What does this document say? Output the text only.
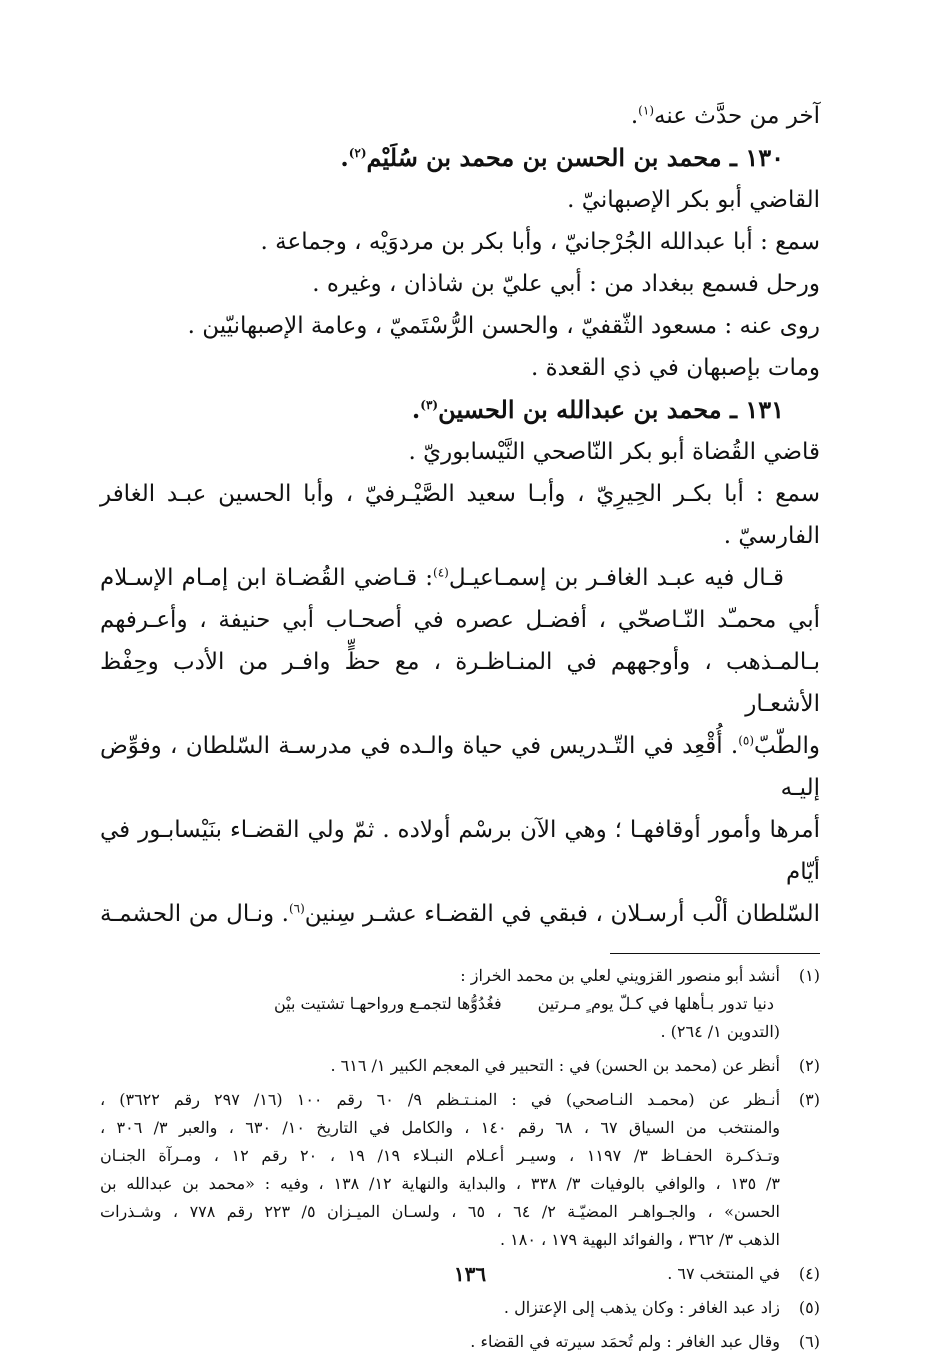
آخر من حدَّث عنه$^{(١)}$.
١٣٠ ـ محمد بن الحسن بن محمد بن سُلَيْم$^{(٢)}$.
القاضي أبو بكر الإصبهانيّ .
سمع : أبا عبدالله الجُرْجانيّ ، وأبا بكر بن مردوَيْه ، وجماعة .
ورحل فسمع ببغداد من : أبي عليّ بن شاذان ، وغيره .
روى عنه : مسعود الثّقفيّ ، والحسن الرُّسْتَميّ ، وعامة الإصبهانيّين .
ومات بإصبهان في ذي القعدة .
١٣١ ـ محمد بن عبدالله بن الحسين$^{(٣)}$.
قاضي القُضاة أبو بكر النّاصحي النَّيْسابوريّ .
سمع : أبا بكـر الحِيرِيّ ، وأبـا سعيد الصَّيْـرفيّ ، وأبا الحسين عبـد الغافر
الفارسيّ .
قـال فيه عبـد الغافـر بن إسمـاعيـل$^{(٤)}$: قـاضي القُضـاة ابن إمـام الإسـلام
أبي محمـّد النّـاصحّي ، أفضـل عصره في أصحـاب أبي حنيفة ، وأعـرفهم
بـالمـذهب ، وأوجههم في المنـاظـرة ، مع حظٍّ وافـر من الأدب وحِفْظ الأشعـار
والطّبّ$^{(٥)}$. أُقْعِد في التّـدريس في حياة والـده في مدرسـة السّلطان ، وفوِّض إليـه
أمرها وأمور أوقافهـا ؛ وهي الآن برسْم أولاده . ثمّ ولي القضـاء بنَيْسابـور في أيّام
السّلطان ألْب أرسـلان ، فبقي في القضـاء عشـر سِنين$^{(٦)}$. ونـال من الحشمـة
(١)
أنشد أبو منصور القزويني لعلي بن محمد الخراز :
دنيا تدور بـأهلها في كـلّ يوم ٍ مـرتين
فغُدُوُّها لتجمـع ورواحهـا تشتيت بيْن
(التدوين ١/ ٢٦٤) .
(٢)
أنظر عن (محمد بن الحسن) في : التحبير في المعجم الكبير ١/ ٦١٦ .
(٣)
أنـظر عن (محمـد النـاصحي) في : المنـتـظم ٩/ ٦٠ رقم ١٠٠ (١٦/ ٢٩٧ رقم ٣٦٢٢) ،
والمنتخب من السياق ٦٧ ، ٦٨ رقم ١٤٠ ، والكامل في التاريخ ١٠/ ٦٣٠ ، والعبر ٣/ ٣٠٦ ،
وتـذكـرة الحفـاظ ٣/ ١١٩٧ ، وسيـر أعـلام النبـلاء ١٩/ ١٩ ، ٢٠ رقم ١٢ ، ومـرآة الجنـان
٣/ ١٣٥ ، والوافي بالوفيات ٣/ ٣٣٨ ، والبداية والنهاية ١٢/ ١٣٨ ، وفيه : «محمد بن عبدالله بن
الحسن» ، والجـواهـر المضيّـة ٢/ ٦٤ ، ٦٥ ، ولسـان الميـزان ٥/ ٢٢٣ رقم ٧٧٨ ، وشـذرات
الذهب ٣/ ٣٦٢ ، والفوائد البهية ١٧٩ ، ١٨٠ .
(٤)
في المنتخب ٦٧ .
(٥)
زاد عبد الغافر : وكان يذهب إلى الإعتزال .
(٦)
وقال عبد الغافر : ولم تُحمَد سيرته في القضاء .
١٣٦
